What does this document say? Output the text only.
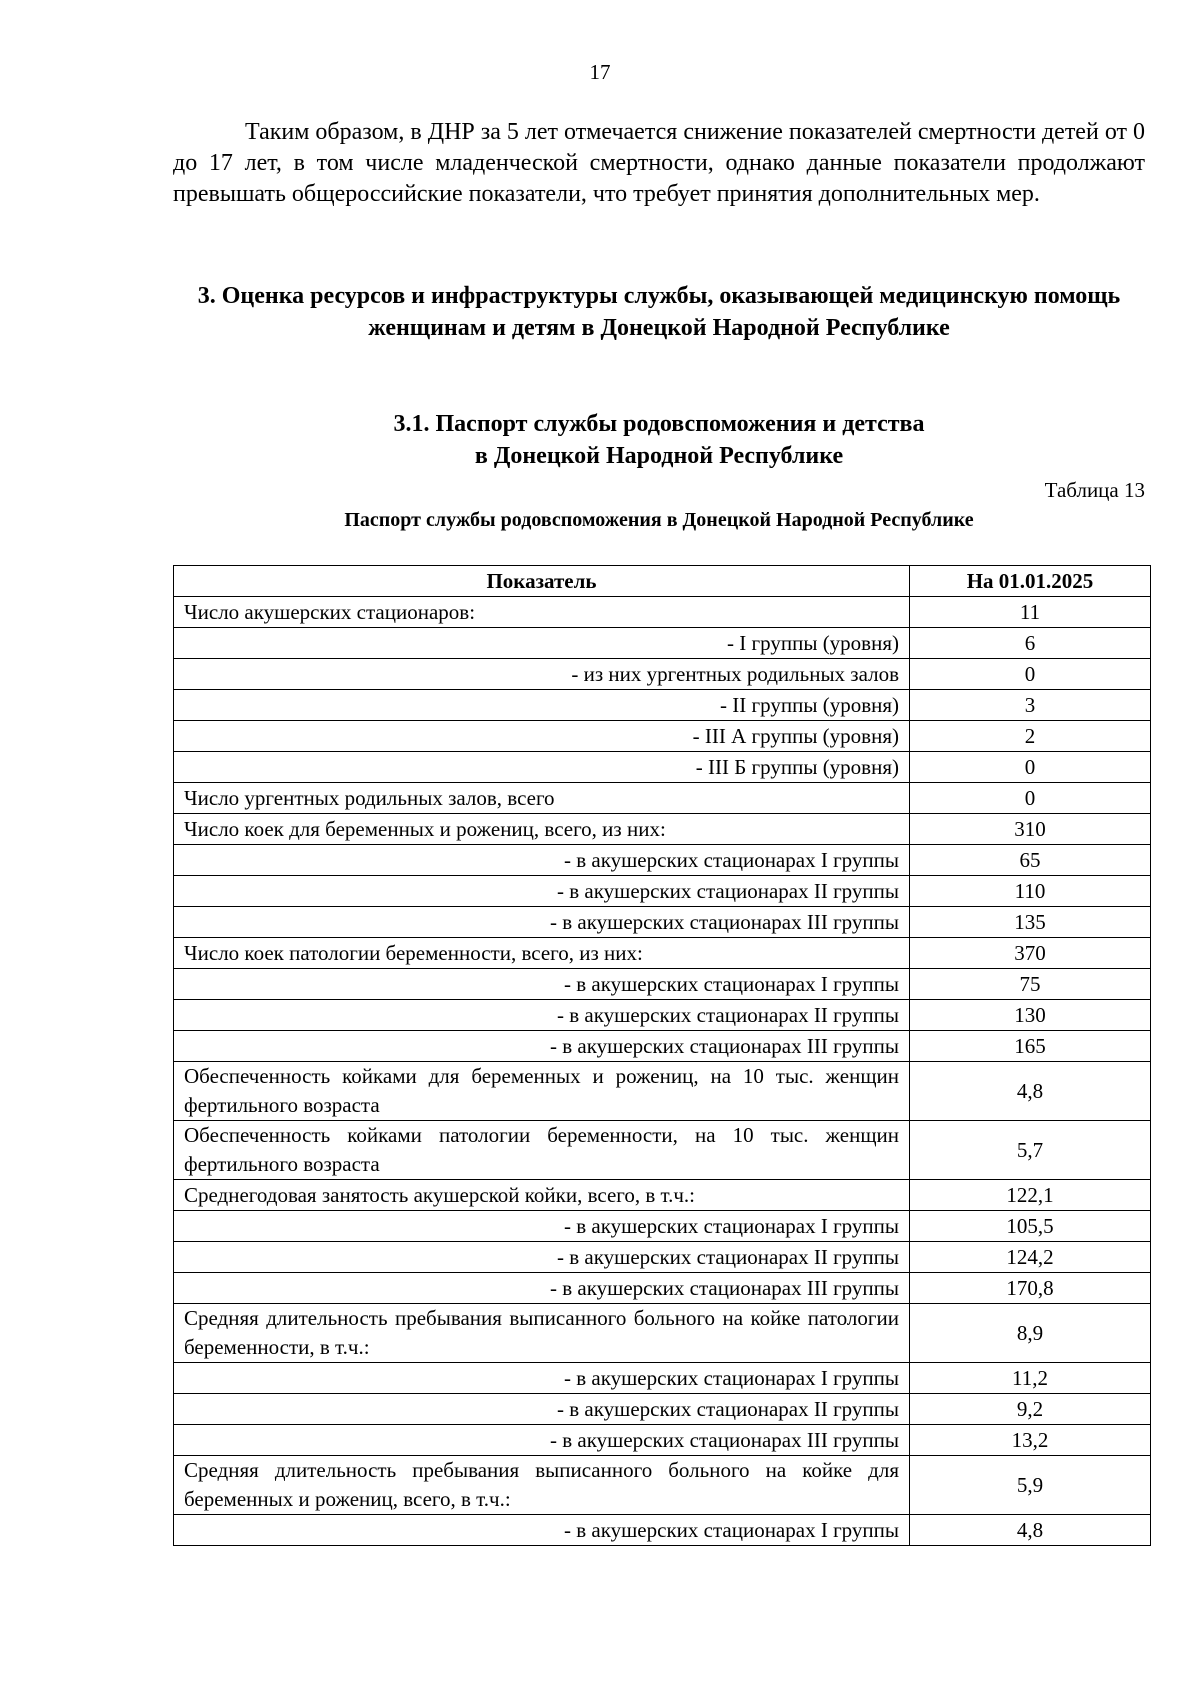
17

Таким образом, в ДНР за 5 лет отмечается снижение показателей смертности детей от 0 до 17 лет, в том числе младенческой смертности, однако данные показатели продолжают превышать общероссийские показатели, что требует принятия дополнительных мер.

3. Оценка ресурсов и инфраструктуры службы, оказывающей медицинскую помощь женщинам и детям в Донецкой Народной Республике
3.1. Паспорт службы родовспоможения и детства
в Донецкой Народной Республике
Таблица 13

Паспорт службы родовспоможения в Донецкой Народной Республике

Показатель	На 01.01.2025
Число акушерских стационаров:	11
- I группы (уровня)	6
- из них ургентных родильных залов	0
- II группы (уровня)	3
- III А группы (уровня)	2
- III Б группы (уровня)	0
Число ургентных родильных залов, всего	0
Число коек для беременных и рожениц, всего, из них:	310
- в акушерских стационарах I группы	65
- в акушерских стационарах II группы	110
- в акушерских стационарах III группы	135
Число коек патологии беременности, всего, из них:	370
- в акушерских стационарах I группы	75
- в акушерских стационарах II группы	130
- в акушерских стационарах III группы	165
Обеспеченность койками для беременных и рожениц, на 10 тыс. женщин фертильного возраста	4,8
Обеспеченность койками патологии беременности, на 10 тыс. женщин фертильного возраста	5,7
Среднегодовая занятость акушерской койки, всего, в т.ч.:	122,1
- в акушерских стационарах I группы	105,5
- в акушерских стационарах II группы	124,2
- в акушерских стационарах III группы	170,8
Средняя длительность пребывания выписанного больного на койке патологии беременности, в т.ч.:	8,9
- в акушерских стационарах I группы	11,2
- в акушерских стационарах II группы	9,2
- в акушерских стационарах III группы	13,2
Средняя длительность пребывания выписанного больного на койке для беременных и рожениц, всего, в т.ч.:	5,9
- в акушерских стационарах I группы	4,8
